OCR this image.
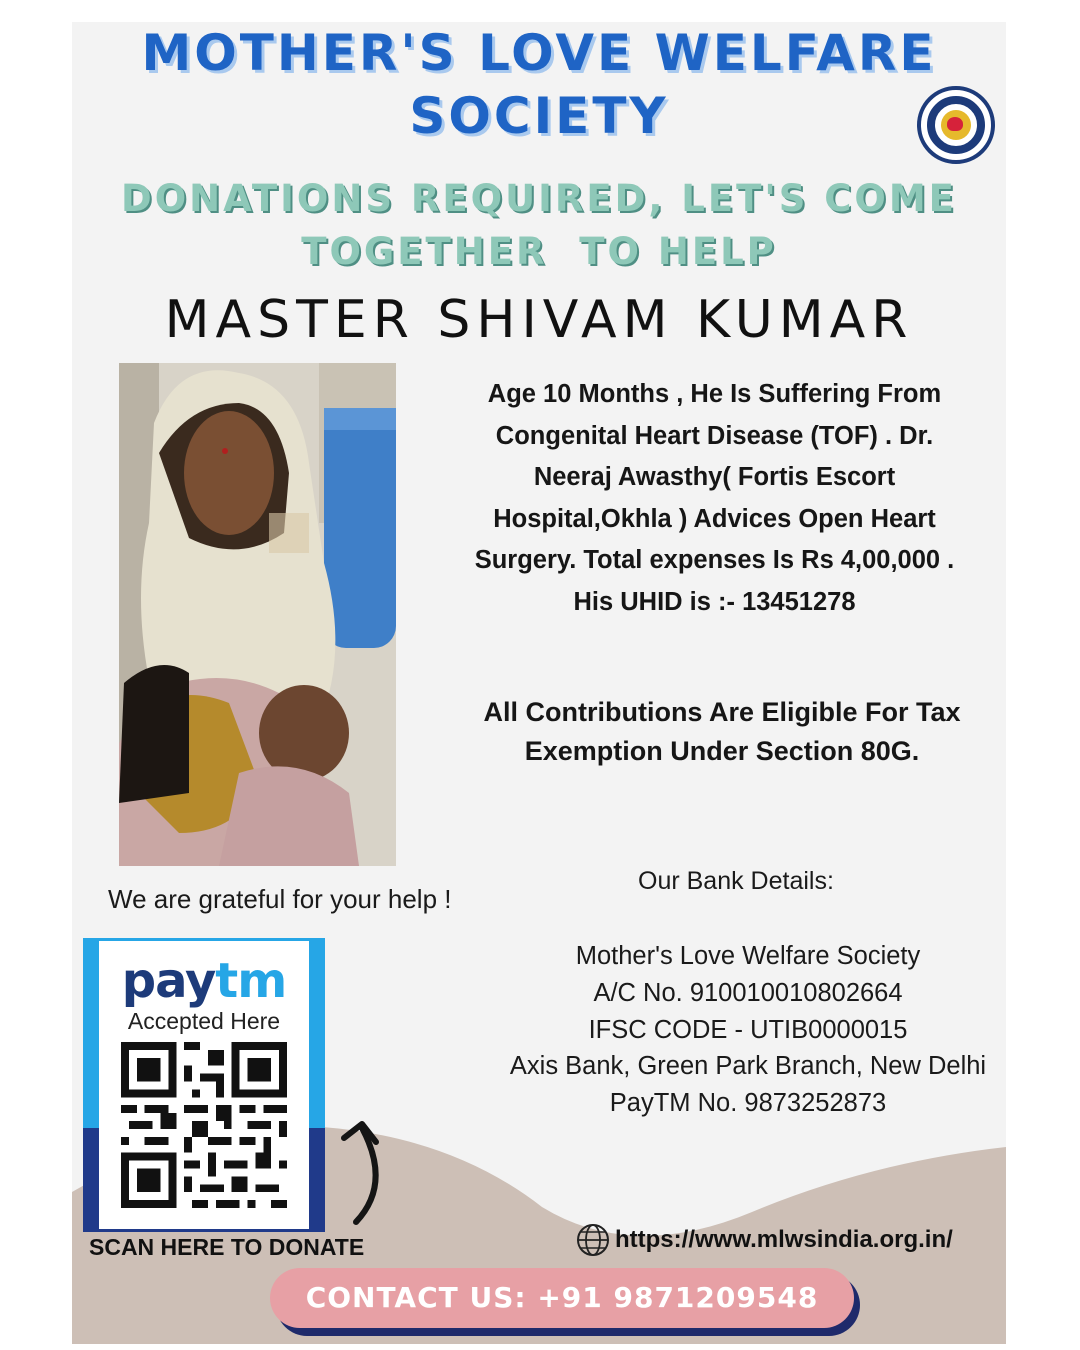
MOTHER'S LOVE WELFARE
SOCIETY
DONATIONS REQUIRED, LET'S COME
TOGETHER  TO HELP
MASTER SHIVAM KUMAR
Age 10 Months , He Is Suffering From Congenital Heart Disease (TOF) . Dr. Neeraj Awasthy( Fortis Escort Hospital,Okhla ) Advices Open Heart Surgery. Total expenses Is Rs 4,00,000 . His UHID is :- 13451278
All Contributions Are Eligible For Tax Exemption Under Section 80G.
We are grateful for your help !
Our Bank Details:
Mother's Love Welfare Society
A/C No. 910010010802664
IFSC CODE - UTIB0000015
Axis Bank, Green Park Branch, New Delhi
PayTM No. 9873252873
paytm
Accepted Here
SCAN HERE TO DONATE	https://www.mlwsindia.org.in/
CONTACT US: +91 9871209548
